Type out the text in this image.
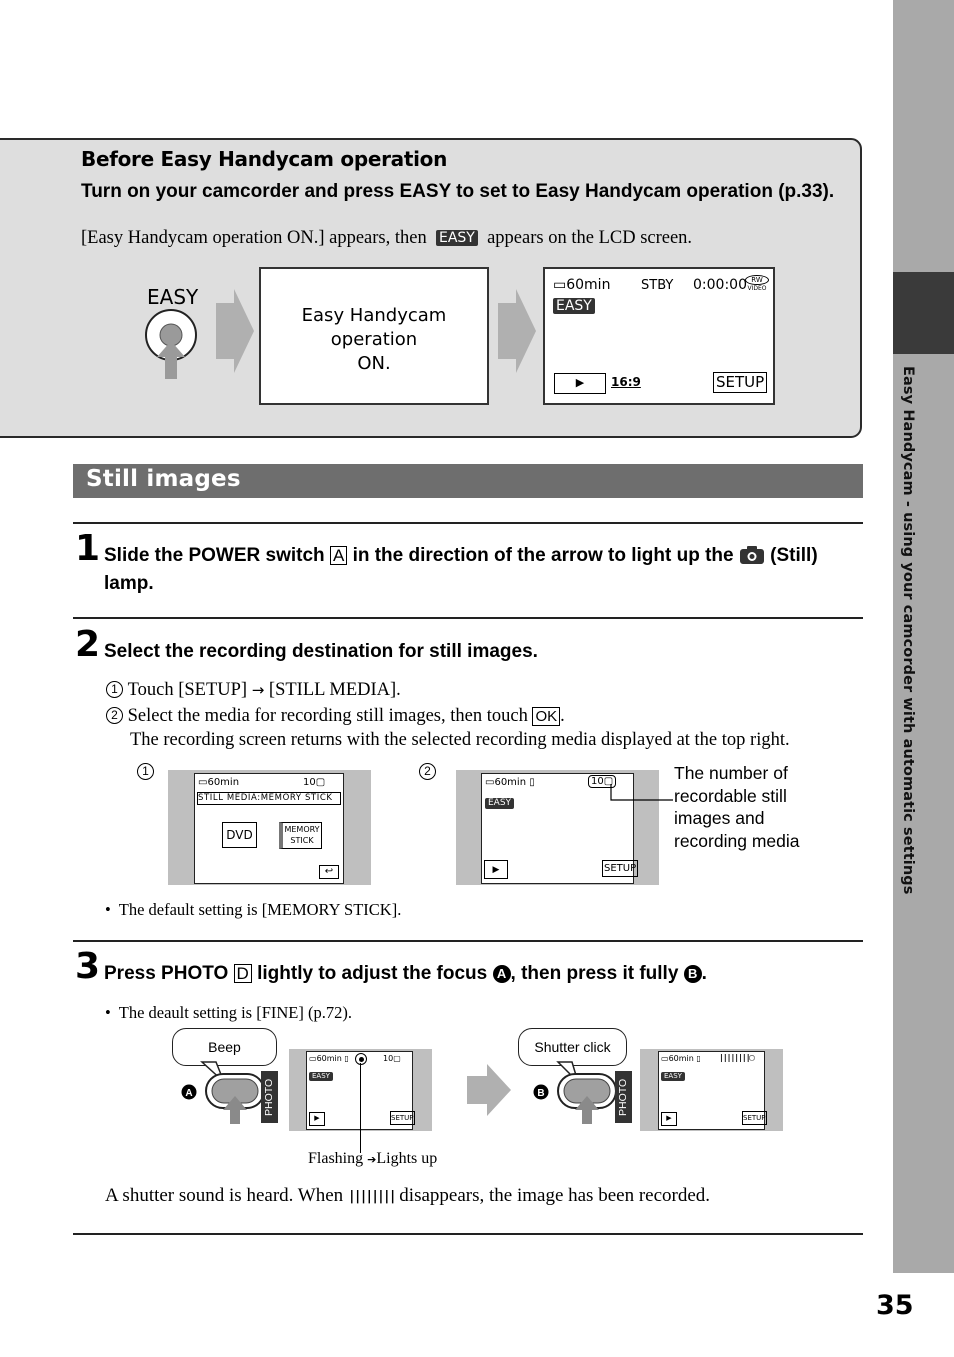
Easy Handycam - using your camcorder with automatic settings
35
Before Easy Handycam operation
Turn on your camcorder and press EASY to set to Easy Handycam operation (p.33).
[Easy Handycam operation ON.] appears, then EASY appears on the LCD screen.
EASY
Easy Handycam
operation
ON.
▭60min STBY 0:00:00 RW
VIDEO
EASY
▶	16:9	SETUP
Still images
1 Slide the POWER switch A in the direction of the arrow to light up the (Still)
lamp.
2 Select the recording destination for still images.
1 Touch [SETUP] → [STILL MEDIA].
2 Select the media for recording still images, then touch OK .
The recording screen returns with the selected recording media displayed at the top right.
1
▭60min	10▢
STILL MEDIA:MEMORY STICK
DVD	MEMORY
STICK
↩
2
▭60min ▯	10▢
EASY
▶	SETUP
The number of
recordable still
images and
recording media
•  The default setting is [MEMORY STICK].
3 Press PHOTO D lightly to adjust the focus A , then press it fully B .
•  The deault setting is [FINE] (p.72).
Beep
A	PHOTO
▭60min ▯	10▢
EASY
▶	SETUP
Flashing ➔Lights up
Shutter click
B	PHOTO
▭60min ▯ ||||||||▢
EASY
▶	SETUP
A shutter sound is heard. When |||||||| disappears, the image has been recorded.
